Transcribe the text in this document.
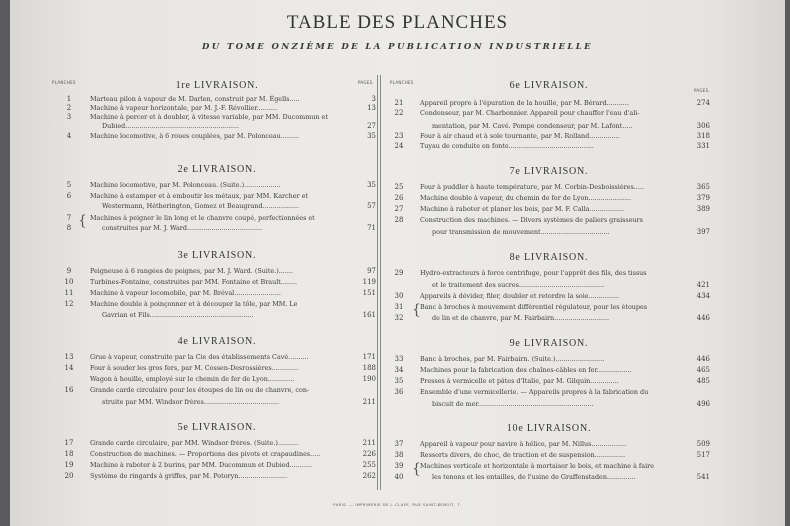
TABLE DES PLANCHES
DU TOME ONZIÈME DE LA PUBLICATION INDUSTRIELLE
PLANCHES	PAGES.
1re LIVRAISON.
1	Marteau pilon à vapeur de M. Darlen, construit par M. Égells.....	3
2	Machine à vapeur horizontale, par M. J.-F. Révollier..........	13
3	Machine à percer et à doubler, à vitesse variable, par MM. Ducommun et
Dubied........................................................	27
4	Machine locomotive, à 6 roues couplées, par M. Polonceau.........	35
2e LIVRAISON.
5	Machine locomotive, par M. Polonceau. (Suite.)..................	35
6	Machine à estamper et à emboutir les métaux, par MM. Karcher et
Westermann, Hétherington, Gomez et Beaugrand..................	57
7	Machines à peigner le lin long et le chanvre coupé, perfectionnées et
{
8	construites par M. J. Ward.....................................	71
3e LIVRAISON.
9	Peigneuse à 6 rangées de peignes, par M. J. Ward. (Suite.).......	97
10	Turbines-Fontaine, construites par MM. Fontaine et Brault........	119
11	Machine à vapeur locomobile, par M. Bréval.......................	151
12	Machine double à poinçonner et à découper la tôle, par MM. Le
Gavrian et Fils...................................................	161
4e LIVRAISON.
13	Grue à vapeur, construite par la Cie des établissements Cavé..........	171
14	Four à souder les gros fers, par M. Cossen-Desrossières.............	188
Wagon à houille, employé sur le chemin de fer de Lyon.............	190
16	Grande carde circulaire pour les étoupes de lin ou de chanvre, con-
struite par MM. Windsor frères.....................................	211
5e LIVRAISON.
17	Grande carde circulaire, par MM. Windsor frères. (Suite.)..........	211
18	Construction de machines. — Proportions des pivots et crapaudines.....	226
19	Machine à raboter à 2 burins, par MM. Ducommun et Dubied...........	255
20	Système de ringards à griffes, par M. Potoryn........................	262
PLANCHES
PAGES.
6e LIVRAISON.
21	Appareil propre à l'épuration de la houille, par M. Bérard...........	274
22	Condenseur, par M. Charbonnier. Appareil pour chauffer l'eau d'ali-
mentation, par M. Cavé. Pompe condenseur, par M. Lafont.....	306
23	Four à air chaud et à sole tournante, par M. Rolland...............	318
24	Tuyau de conduite en fonte..........................................	331
7e LIVRAISON.
25	Four à puddler à haute température, par M. Corbin-Desboissières.....	365
26	Machine double à vapeur, du chemin de fer de Lyon.....................	379
27	Machine à raboter et planer les bois, par M. F. Calla.................	389
28	Construction des machines. — Divers systèmes de paliers graisseurs
pour transmission de mouvement..................................	397
8e LIVRAISON.
29	Hydro-extracteurs à force centrifuge, pour l'apprêt des fils, des tissus
et le traitement des sucres..........................................	421
30	Appareils à dévider, filer, doubler et retordre la soie...............	434
31	Banc à broches à mouvement différentiel régulateur, pour les étoupes
{
32	de lin et de chanvre, par M. Fairbairn...........................	446
9e LIVRAISON.
33	Banc à broches, par M. Fairbairn. (Suite.)........................	446
34	Machines pour la fabrication des chaînes-câbles en fer.................	465
35	Presses à vermicelle et pâtes d'Italie, par M. Gilquin..............	485
36	Ensemble d'une vermicellerie. — Appareils propres à la fabrication du
biscuit de mer.........................................................	496
10e LIVRAISON.
37	Appareil à vapeur pour navire à hélice, par M. Nillus.................	509
38	Ressorts divers, de choc, de traction et de suspension...............	517
39	Machines verticale et horizontale à mortaiser le bois, et machine à faire
{
40	les tenons et les entailles, de l'usine de Graffenstaden..............	541
PARIS. — IMPRIMERIE DE J. CLAYE, RUE SAINT-BENOIT, 7.
